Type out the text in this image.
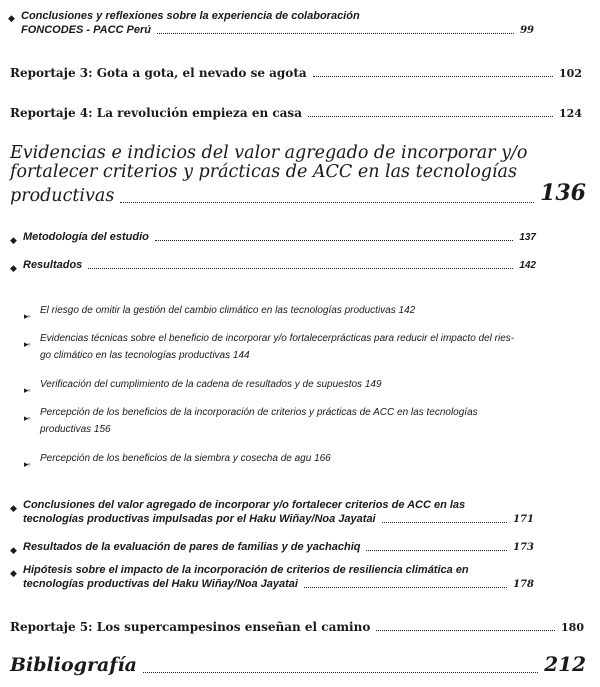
◆ Conclusiones y reflexiones sobre la experiencia de colaboración
FONCODES - PACC Perú	99
Reportaje 3: Gota a gota, el nevado se agota	102
Reportaje 4: La revolución empieza en casa	124
Evidencias e indicios del valor agregado de incorporar y/o
fortalecer criterios y prácticas de ACC en las tecnologías
productivas	136
◆ Metodología del estudio	137
◆ Resultados	142
▸◦ El riesgo de omitir la gestión del cambio climático en las tecnologías productivas 142
▸◦ Evidencias técnicas sobre el beneficio de incorporar y/o fortalecerprácticas para reducir el impacto del ries-
go climático en las tecnologías productivas 144
▸◦ Verificación del cumplimiento de la cadena de resultados y de supuestos 149
▸◦ Percepción de los beneficios de la incorporación de criterios y prácticas de ACC en las tecnologías
productivas 156
▸◦ Percepción de los beneficios de la siembra y cosecha de agu 166
◆ Conclusiones del valor agregado de incorporar y/o fortalecer criterios de ACC en las
tecnologías productivas impulsadas por el Haku Wiñay/Noa Jayatai	171
◆ Resultados de la evaluación de pares de familias y de yachachiq	173
◆ Hipótesis sobre el impacto de la incorporación de criterios de resiliencia climática en
tecnologías productivas del Haku Wiñay/Noa Jayatai	178
Reportaje 5: Los supercampesinos enseñan el camino	180
Bibliografía	212
